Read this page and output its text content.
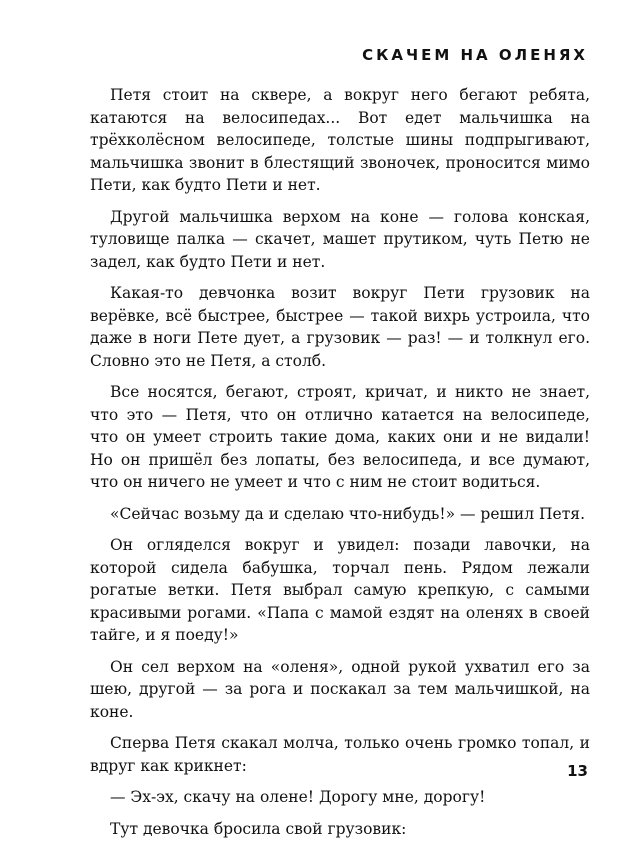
СКАЧЕМ НА ОЛЕНЯХ

Петя стоит на сквере, а вокруг него бегают ребята, катаются на велосипедах... Вот едет мальчишка на трёхколёсном велосипеде, толстые шины подпрыгивают, мальчишка звонит в блестящий звоночек, проносится мимо Пети, как будто Пети и нет.

Другой мальчишка верхом на коне — голова конская, туловище палка — скачет, машет прутиком, чуть Петю не задел, как будто Пети и нет.

Какая-то девчонка возит вокруг Пети грузовик на верёвке, всё быстрее, быстрее — такой вихрь устроила, что даже в ноги Пете дует, а грузовик — раз! — и толкнул его. Словно это не Петя, а столб.

Все носятся, бегают, строят, кричат, и никто не знает, что это — Петя, что он отлично катается на велосипеде, что он умеет строить такие дома, каких они и не видали! Но он пришёл без лопаты, без велосипеда, и все думают, что он ничего не умеет и что с ним не стоит водиться.

«Сейчас возьму да и сделаю что-нибудь!» — решил Петя.

Он огляделся вокруг и увидел: позади лавочки, на которой сидела бабушка, торчал пень. Рядом лежали рогатые ветки. Петя выбрал самую крепкую, с самыми красивыми рогами. «Папа с мамой ездят на оленях в своей тайге, и я поеду!»

Он сел верхом на «оленя», одной рукой ухватил его за шею, другой — за рога и поскакал за тем мальчишкой, на коне.

Сперва Петя скакал молча, только очень громко топал, и вдруг как крикнет:

— Эх-эх, скачу на олене! Дорогу мне, дорогу!

Тут девочка бросила свой грузовик:

13
